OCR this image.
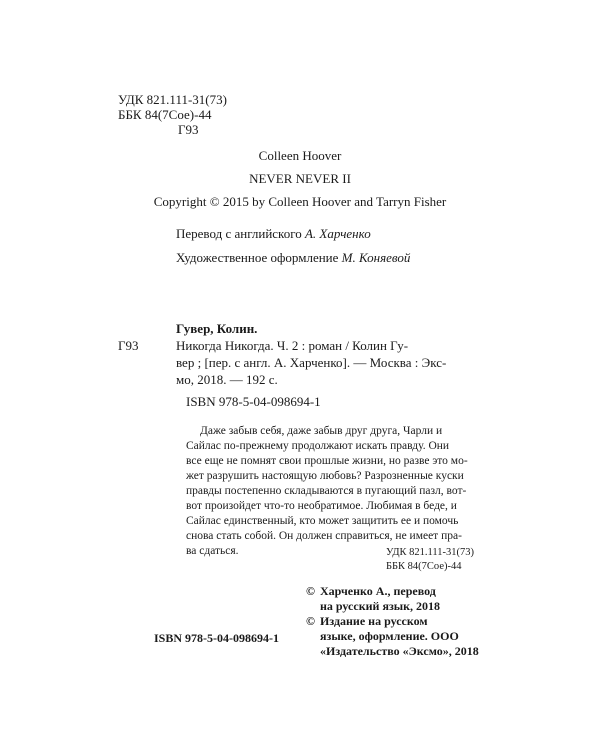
УДК 821.111-31(73)
ББК 84(7Сое)-44
Г93
Colleen Hoover
NEVER NEVER II
Copyright © 2015 by Colleen Hoover and Tarryn Fisher
Перевод с английского А. Харченко
Художественное оформление М. Коняевой
Гувер, Колин.
Г93	Никогда Никогда. Ч. 2 : роман / Колин Гу-
вер ; [пер. с англ. А. Харченко]. — Москва : Экс-
мо, 2018. — 192 с.
ISBN 978-5-04-098694-1
Даже забыв себя, даже забыв друг друга, Чарли и
Сайлас по-прежнему продолжают искать правду. Они
все еще не помнят свои прошлые жизни, но разве это мо-
жет разрушить настоящую любовь? Разрозненные куски
правды постепенно складываются в пугающий пазл, вот-
вот произойдет что-то необратимое. Любимая в беде, и
Сайлас единственный, кто может защитить ее и помочь
снова стать собой. Он должен справиться, не имеет пра-
ва сдаться.	УДК 821.111-31(73)
ББК 84(7Сое)-44
© Харченко А., перевод
на русский язык, 2018
© Издание на русском
языке, оформление. ООО
«Издательство «Эксмо», 2018
ISBN 978-5-04-098694-1
